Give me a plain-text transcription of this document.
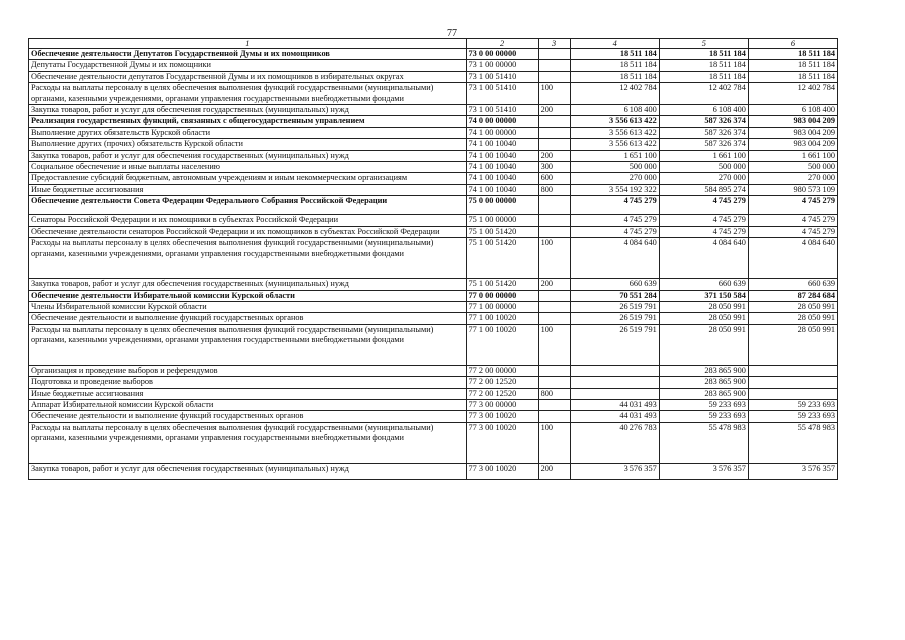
77
1	2	3	4	5	6
Обеспечение деятельности Депутатов Государственной Думы и их помощников	73 0 00 00000		18 511 184	18 511 184	18 511 184
Депутаты Государственной Думы и их помощники	73 1 00 00000		18 511 184	18 511 184	18 511 184
Обеспечение деятельности депутатов Государственной Думы и их помощников в избирательных округах	73 1 00 51410		18 511 184	18 511 184	18 511 184
Расходы на выплаты персоналу в целях обеспечения выполнения функций государственными (муниципальными) органами, казенными учреждениями, органами управления государственными внебюджетными фондами	73 1 00 51410	100	12 402 784	12 402 784	12 402 784
Закупка товаров, работ и услуг для обеспечения государственных (муниципальных) нужд	73 1 00 51410	200	6 108 400	6 108 400	6 108 400
Реализация государственных функций, связанных с общегосударственным управлением	74 0 00 00000		3 556 613 422	587 326 374	983 004 209
Выполнение других обязательств Курской области	74 1 00 00000		3 556 613 422	587 326 374	983 004 209
Выполнение других (прочих) обязательств Курской области	74 1 00 10040		3 556 613 422	587 326 374	983 004 209
Закупка товаров, работ и услуг для обеспечения государственных (муниципальных) нужд	74 1 00 10040	200	1 651 100	1 661 100	1 661 100
Социальное обеспечение и иные выплаты населению	74 1 00 10040	300	500 000	500 000	500 000
Предоставление субсидий бюджетным, автономным учреждениям и иным некоммерческим организациям	74 1 00 10040	600	270 000	270 000	270 000
Иные бюджетные ассигнования	74 1 00 10040	800	3 554 192 322	584 895 274	980 573 109
Обеспечение деятельности Совета Федерации Федерального Собрания Российской Федерации	75 0 00 00000		4 745 279	4 745 279	4 745 279
Сенаторы Российской Федерации и их помощники в субъектах Российской Федерации	75 1 00 00000		4 745 279	4 745 279	4 745 279
Обеспечение деятельности сенаторов Российской Федерации и их помощников в субъектах Российской Федерации	75 1 00 51420		4 745 279	4 745 279	4 745 279
Расходы на выплаты персоналу в целях обеспечения выполнения функций государственными (муниципальными) органами, казенными учреждениями, органами управления государственными внебюджетными фондами	75 1 00 51420	100	4 084 640	4 084 640	4 084 640
Закупка товаров, работ и услуг для обеспечения государственных (муниципальных) нужд	75 1 00 51420	200	660 639	660 639	660 639
Обеспечение деятельности Избирательной комиссии Курской области	77 0 00 00000		70 551 284	371 150 584	87 284 684
Члены Избирательной комиссии Курской области	77 1 00 00000		26 519 791	28 050 991	28 050 991
Обеспечение деятельности и выполнение функций государственных органов	77 1 00 10020		26 519 791	28 050 991	28 050 991
Расходы на выплаты персоналу в целях обеспечения выполнения функций государственными (муниципальными) органами, казенными учреждениями, органами управления государственными внебюджетными фондами	77 1 00 10020	100	26 519 791	28 050 991	28 050 991
Организация и проведение выборов и референдумов	77 2 00 00000			283 865 900	
Подготовка и проведение выборов	77 2 00 12520			283 865 900	
Иные бюджетные ассигнования	77 2 00 12520	800		283 865 900	
Аппарат Избирательной комиссии Курской области	77 3 00 00000		44 031 493	59 233 693	59 233 693
Обеспечение деятельности и выполнение функций государственных органов	77 3 00 10020		44 031 493	59 233 693	59 233 693
Расходы на выплаты персоналу в целях обеспечения выполнения функций государственными (муниципальными) органами, казенными учреждениями, органами управления государственными внебюджетными фондами	77 3 00 10020	100	40 276 783	55 478 983	55 478 983
Закупка товаров, работ и услуг для обеспечения государственных (муниципальных) нужд	77 3 00 10020	200	3 576 357	3 576 357	3 576 357
